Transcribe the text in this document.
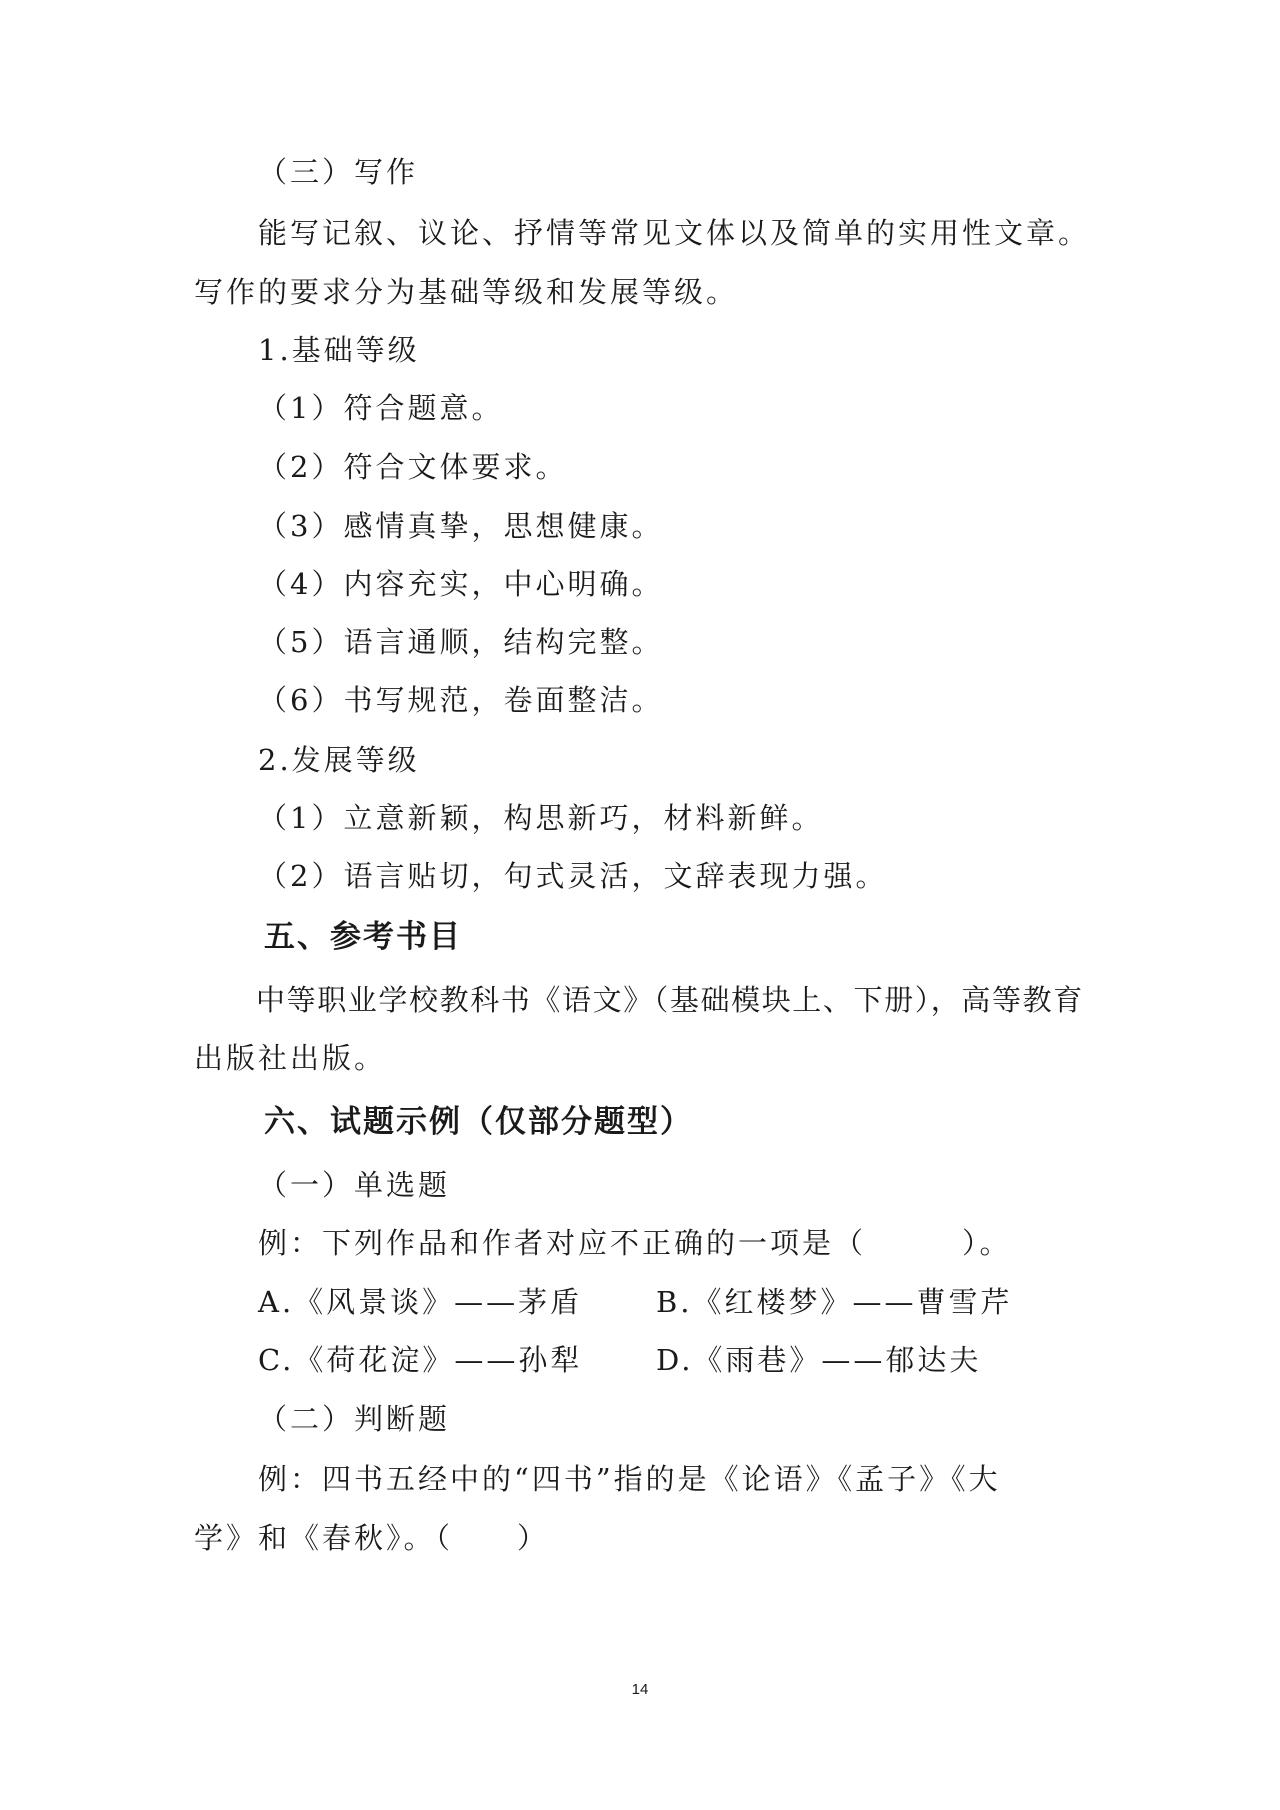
（三）写作
能写记叙、议论、抒情等常见文体以及简单的实用性文章。
写作的要求分为基础等级和发展等级。
1.基础等级
（1）符合题意。
（2）符合文体要求。
（3）感情真挚，思想健康。
（4）内容充实，中心明确。
（5）语言通顺，结构完整。
（6）书写规范，卷面整洁。
2.发展等级
（1）立意新颖，构思新巧，材料新鲜。
（2）语言贴切，句式灵活，文辞表现力强。
五、参考书目
中等职业学校教科书《语文》（基础模块上、下册），高等教育
出版社出版。
六、试题示例（仅部分题型）
（一）单选题
例：下列作品和作者对应不正确的一项是（　　　）。
A.《风景谈》——茅盾	B.《红楼梦》——曹雪芹
C.《荷花淀》——孙犁	D.《雨巷》——郁达夫
（二）判断题
例：四书五经中的“四书”指的是《论语》《孟子》《大
学》和《春秋》。（　　）
14
